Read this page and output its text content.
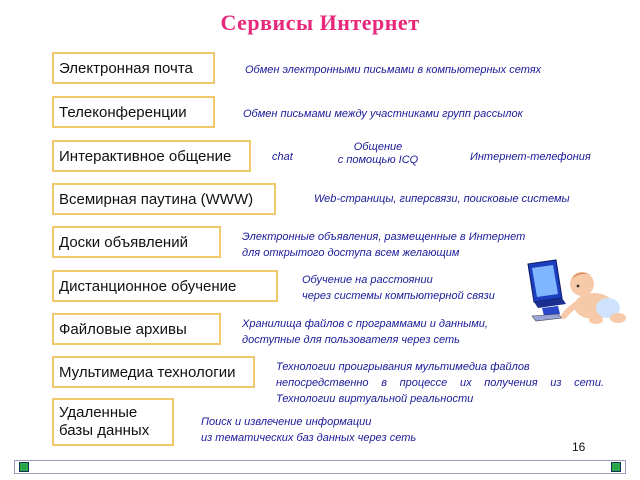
Сервисы Интернет
Электронная почта
Телеконференции
Интерактивное общение
Всемирная паутина (WWW)
Доски объявлений
Дистанционное обучение
Файловые архивы
Мультимедиа технологии
Удаленные базы данных
Обмен электронными письмами в компьютерных сетях
Обмен письмами между участниками групп рассылок
chat
Общение
с помощью ICQ	Интернет-телефония
Web-страницы, гиперсвязи, поисковые системы
Электронные объявления, размещенные в Интернет
для открытого доступа всем желающим
Обучение на расстоянии
через системы компьютерной связи
Хранилища файлов с программами и данными,
доступные для пользователя через сеть
Технологии проигрывания мультимедиа файлов
непосредственно в процессе их получения из сети.
Технологии виртуальной реальности
Поиск и извлечение информации
из тематических баз данных через сеть
16
